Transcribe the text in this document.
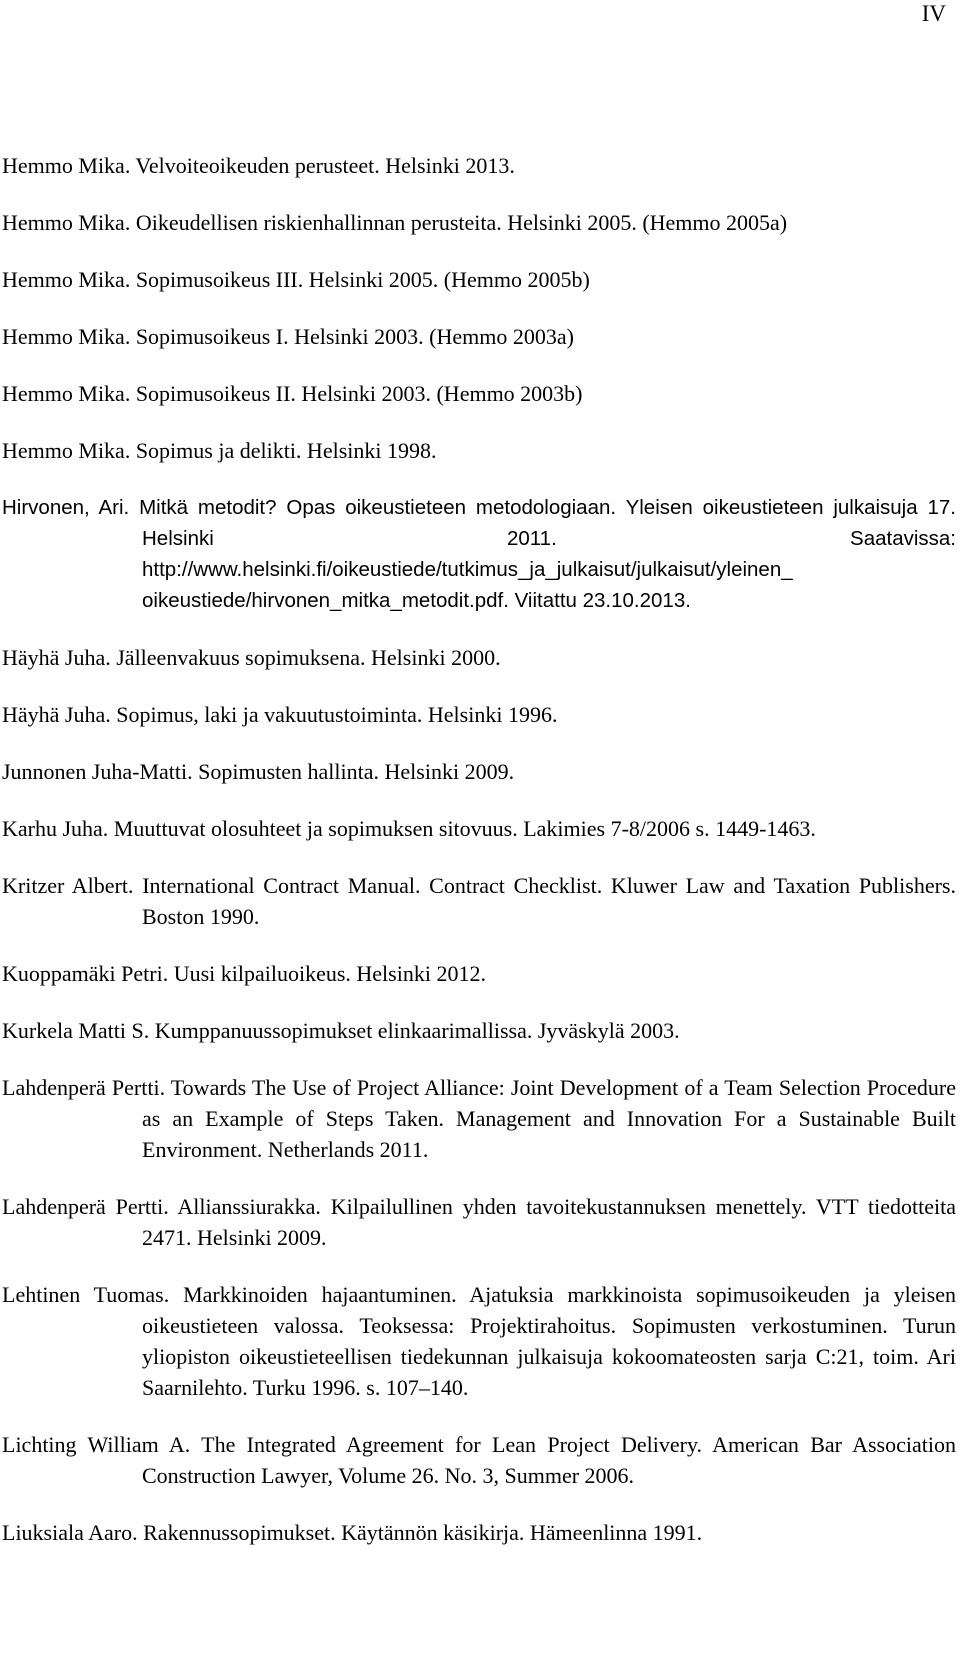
IV

Hemmo Mika. Velvoiteoikeuden perusteet. Helsinki 2013.

Hemmo Mika. Oikeudellisen riskienhallinnan perusteita. Helsinki 2005. (Hemmo 2005a)

Hemmo Mika. Sopimusoikeus III. Helsinki 2005. (Hemmo 2005b)

Hemmo Mika. Sopimusoikeus I. Helsinki 2003. (Hemmo 2003a)

Hemmo Mika. Sopimusoikeus II. Helsinki 2003. (Hemmo 2003b)

Hemmo Mika. Sopimus ja delikti. Helsinki 1998.

Hirvonen, Ari. Mitkä metodit? Opas oikeustieteen metodologiaan. Yleisen oikeustieteen julkaisuja 17. Helsinki 2011. Saatavissa: http://www.helsinki.fi/oikeustiede/tutkimus_ja_julkaisut/julkaisut/yleinen_ oikeustiede/hirvonen_mitka_metodit.pdf. Viitattu 23.10.2013.

Häyhä Juha. Jälleenvakuus sopimuksena. Helsinki 2000.

Häyhä Juha. Sopimus, laki ja vakuutustoiminta. Helsinki 1996.

Junnonen Juha-Matti. Sopimusten hallinta. Helsinki 2009.

Karhu Juha. Muuttuvat olosuhteet ja sopimuksen sitovuus. Lakimies 7-8/2006 s. 1449-1463.

Kritzer Albert. International Contract Manual. Contract Checklist. Kluwer Law and Taxation Publishers. Boston 1990.

Kuoppamäki Petri. Uusi kilpailuoikeus. Helsinki 2012.

Kurkela Matti S. Kumppanuussopimukset elinkaarimallissa. Jyväskylä 2003.

Lahdenperä Pertti. Towards The Use of Project Alliance: Joint Development of a Team Selection Procedure as an Example of Steps Taken. Management and Innovation For a Sustainable Built Environment. Netherlands 2011.

Lahdenperä Pertti. Allianssiurakka. Kilpailullinen yhden tavoitekustannuksen menettely. VTT tiedotteita 2471. Helsinki 2009.

Lehtinen Tuomas. Markkinoiden hajaantuminen. Ajatuksia markkinoista sopimusoikeuden ja yleisen oikeustieteen valossa. Teoksessa: Projektirahoitus. Sopimusten verkostuminen. Turun yliopiston oikeustieteellisen tiedekunnan julkaisuja kokoomateosten sarja C:21, toim. Ari Saarnilehto. Turku 1996. s. 107–140.

Lichting William A. The Integrated Agreement for Lean Project Delivery. American Bar Association Construction Lawyer, Volume 26. No. 3, Summer 2006.

Liuksiala Aaro. Rakennussopimukset. Käytännön käsikirja. Hämeenlinna 1991.
